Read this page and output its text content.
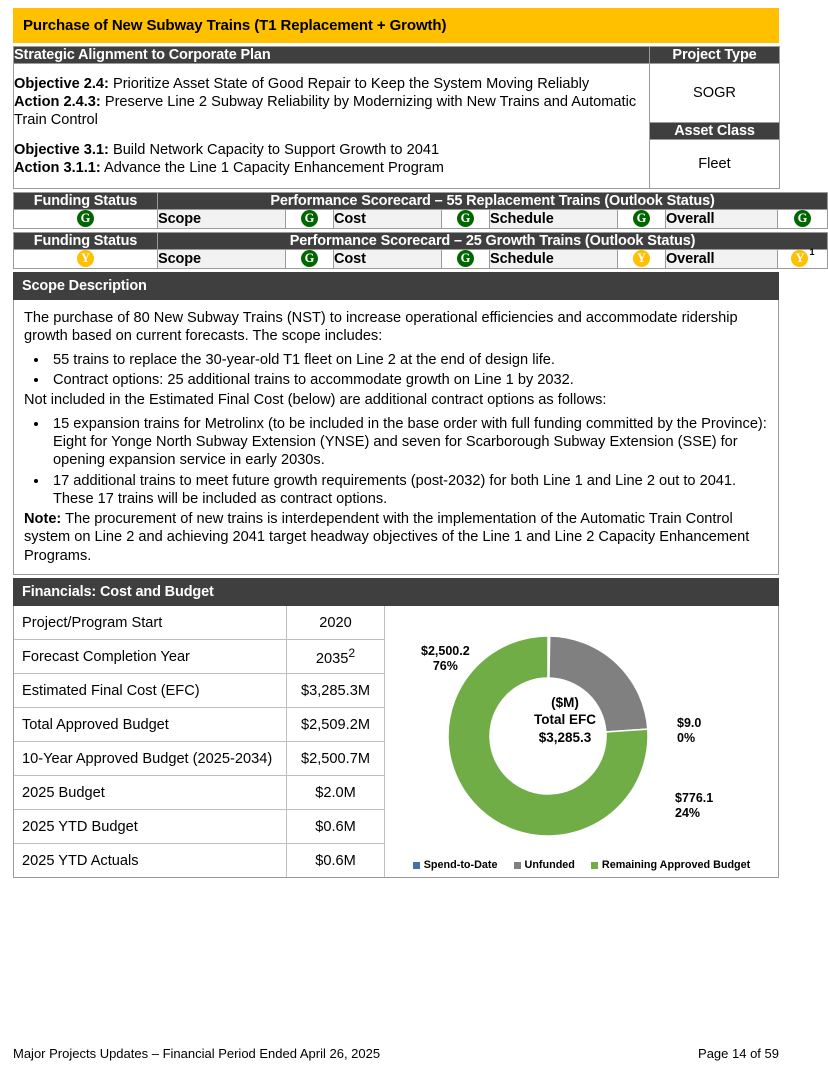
Purchase of New Subway Trains (T1 Replacement + Growth)
Strategic Alignment to Corporate Plan	Project Type

Objective 2.4: Prioritize Asset State of Good Repair to Keep the System Moving Reliably

Action 2.4.3: Preserve Line 2 Subway Reliability by Modernizing with New Trains and Automatic Train Control

Objective 3.1: Build Network Capacity to Support Growth to 2041

Action 3.1.1: Advance the Line 1 Capacity Enhancement Program	SOGR
	Asset Class
	Fleet
Funding Status	Performance Scorecard – 55 Replacement Trains (Outlook Status)							
G	Scope	G	Cost	G	Schedule	G	Overall	G
Funding Status	Performance Scorecard – 25 Growth Trains (Outlook Status)							
Y	Scope	G	Cost	G	Schedule	Y	Overall	Y $^1$
Scope Description

The purchase of 80 New Subway Trains (NST) to increase operational efficiencies and accommodate ridership growth based on current forecasts. The scope includes:

• 55 trains to replace the 30-year-old T1 fleet on Line 2 at the end of design life.
• Contract options: 25 additional trains to accommodate growth on Line 1 by 2032.

Not included in the Estimated Final Cost (below) are additional contract options as follows:

• 15 expansion trains for Metrolinx (to be included in the base order with full funding committed by the Province): Eight for Yonge North Subway Extension (YNSE) and seven for Scarborough Subway Extension (SSE) for opening expansion service in early 2030s.
• 17 additional trains to meet future growth requirements (post-2032) for both Line 1 and Line 2 out to 2041. These 17 trains will be included as contract options.

Note: The procurement of new trains is interdependent with the implementation of the Automatic Train Control system on Line 2 and achieving 2041 target headway objectives of the Line 1 and Line 2 Capacity Enhancement Programs.

Financials: Cost and Budget
Project/Program Start	2020
Forecast Completion Year	2035$^2$
Estimated Final Cost (EFC)	$3,285.3M
Total Approved Budget	$2,509.2M
10-Year Approved Budget (2025-2034)	$2,500.7M
2025 Budget	$2.0M
2025 YTD Budget	$0.6M
2025 YTD Actuals	$0.6M
$2,500.2
76%
$9.0
0%
$776.1
24%
($M)
Total EFC
$3,285.3
Spend-to-Date	Unfunded	Remaining Approved Budget
Major Projects Updates – Financial Period Ended April 26, 2025	Page 14 of 59
